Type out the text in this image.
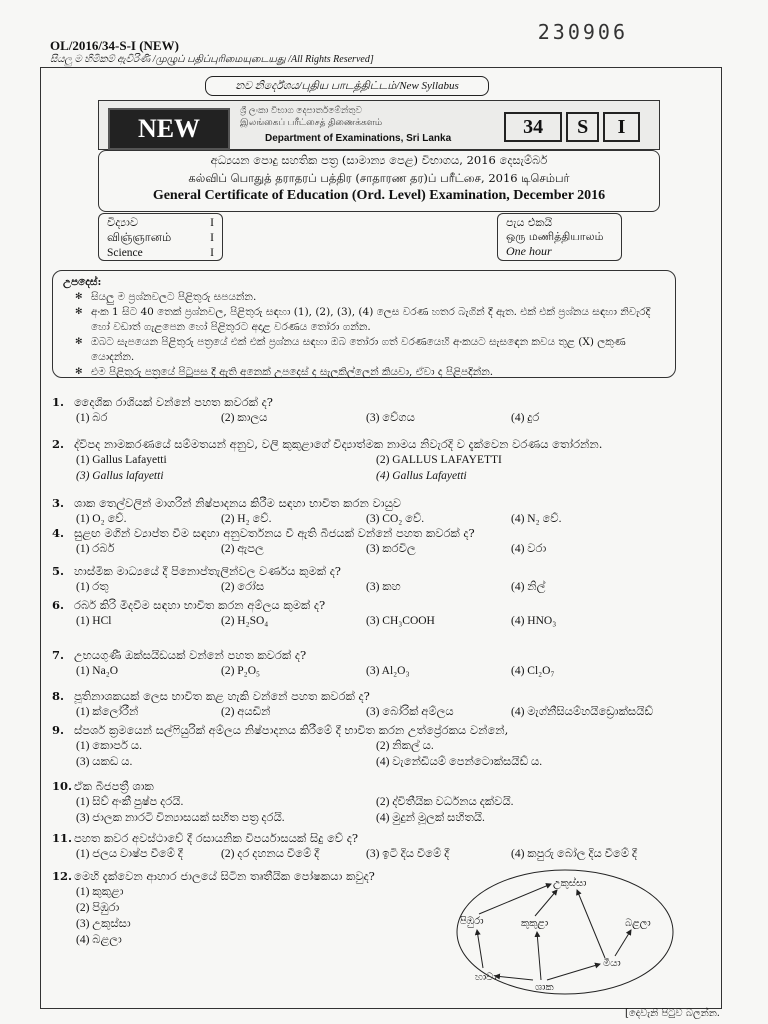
230906
OL/2016/34-S-I (NEW)
සියලු ම හිමිකම් ඇවිරිණි /முழுப் பதிப்புரிமையுடையது /All Rights Reserved]
නව නිර්දේශය/புதிய பாடத்திட்டம்/New Syllabus
ශ්‍රී ලංකා විභාග දෙපාර්තමේන්තුව
இலங்கைப் பரீட்சைத் திணைக்களம்
NEW	Department of Examinations, Sri Lanka
34	S	I
අධ්‍යයන පොදු සහතික පත්‍ර (සාමාන්‍ය පෙළ) විභාගය, 2016 දෙසැම්බර්
கல்விப் பொதுத் தராதரப் பத்திர (சாதாரண தர)ப் பரீட்சை, 2016 டிசெம்பர்
General Certificate of Education (Ord. Level) Examination, December 2016
විද්‍යාව	I
விஞ்ஞானம்	I
Science	I
පැය එකයි
ஒரு மணித்தியாலம்
One hour
උපදෙස්:
✻ සියලු ම ප්‍රශ්නවලට පිළිතුරු සපයන්න.
✻ අංක 1 සිට 40 තෙක් ප්‍රශ්නවල, පිළිතුරු සඳහා (1), (2), (3), (4) ලෙස වරණ හතර බැගින් දී ඇත. එක් එක් ප්‍රශ්නය සඳහා නිවැරදි හෝ වඩාත් ගැළපෙන හෝ පිළිතුරට අදාළ වරණය තෝරා ගන්න.
✻ ඔබට සැපයෙන පිළිතුරු පත්‍රයේ එක් එක් ප්‍රශ්නය සඳහා ඔබ තෝරා ගත් වරණයෙහි අංකයට සැසඳෙන කවය තුළ (X) ලකුණ යොදන්න.
✻ එම පිළිතුරු පත්‍රයේ පිටුපස දී ඇති අනෙක් උපදෙස් ද සැලකිල්ලෙන් කියවා, ඒවා ද පිළිපදින්න.
1. දෛශික රාශියක් වන්නේ පහත කවරක් ද?
(1) බර	(2) කාලය	(3) වේගය	(4) දුර
2. ද්විපද නාමකරණයේ සම්මතයන් අනුව, වලි කුකුළාගේ විද්‍යාත්මක නාමය නිවැරදි ව දැක්වෙන වරණය තෝරන්න.
(1) Gallus Lafayetti	(2) GALLUS LAFAYETTI
(3) Gallus lafayetti	(4) Gallus Lafayetti
3. ශාක තෙල්වලින් මාගරින් නිෂ්පාදනය කිරීම සඳහා භාවිත කරන වායුව
(1) O₂ වේ.	(2) H₂ වේ.	(3) CO₂ වේ.	(4) N₂ වේ.
4. සුළඟ මගින් ව්‍යාප්ත වීම සඳහා අනුවර්තනය වී ඇති බීජයක් වන්නේ පහත කවරක් ද?
(1) රබර්	(2) ඇපල	(3) කරවිල	(4) වරා
5. හාස්මික මාධ්‍යයේ දී පිනොප්තැලින්වල වර්ණය කුමක් ද?
(1) රතු	(2) රෝස	(3) කහ	(4) නිල්
6. රබර් කිරි මිදවීම සඳහා භාවිත කරන අම්ලය කුමක් ද?
(1) HCl	(2) H₂SO₄	(3) CH₃COOH	(4) HNO₃
7. උභයගුණී ඔක්සයිඩයක් වන්නේ පහත කවරක් ද?
(1) Na₂O	(2) P₂O₅	(3) Al₂O₃	(4) Cl₂O₇
8. පූතිනාශකයක් ලෙස භාවිත කළ හැකි වන්නේ පහත කවරක් ද?
(1) ක්ලෝරීන්	(2) අයඩින්	(3) බෝරික් අම්ලය	(4) මැග්නීසියම්හයිඩ්‍රොක්සයිඩ්
9. ස්පර්ශ ක්‍රමයෙන් සල්ෆියුරික් අම්ලය නිෂ්පාදනය කිරීමේ දී භාවිත කරන උත්ප්‍රේරකය වන්නේ,
(1) කොපර් ය.	(2) නිකල් ය.
(3) යකඩ ය.	(4) වැනේඩියම් පෙන්ටොක්සයිඩ් ය.
10. ඒක බීජපත්‍රී ශාක
(1) සිව් අංකී පුෂ්ප දරයි.	(2) ද්විතීයික වර්ධනය දක්වයි.
(3) ජාලක නාරටි වින්‍යාසයක් සහිත පත්‍ර දරයි.	(4) මුදුන් මූලක් සහිතයි.
11. පහත කවර අවස්ථාවේ දී රසායනික විපර්යාසයක් සිදු වේ ද?
(1) ජලය වාෂ්ප වීමේ දී	(2) දර දහනය වීමේ දී	(3) ඉටි දිය වීමේ දී	(4) කපුරු බෝල දිය වීමේ දී
12. මෙහි දැක්වෙන ආහාර ජාලයේ සිටින තෘතීයික පෝෂකයා කවුද?
(1) කුකුළා
(2) පිඹුරා
(3) උකුස්සා
(4) බළලා
උකුස්සා
පිඹුරා	කුකුළා	බළලා
හාවා
ශාක
මීයා
[දෙවැනි පිටුව බලන්න.
